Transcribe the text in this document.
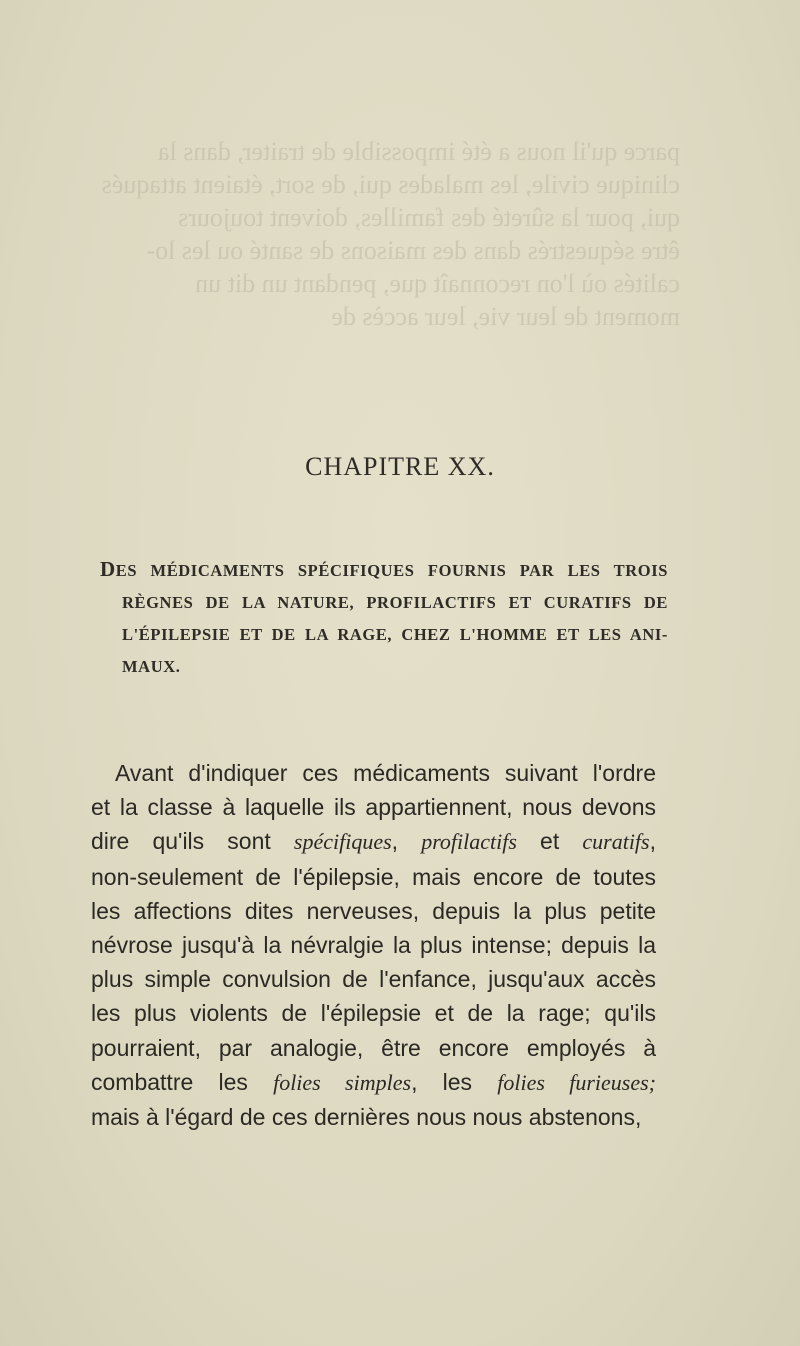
parce qu'il nous a été impossible de traiter, dans la
clinique civile, les malades qui, de sort, étaient attaqués
qui, pour la sûreté des familles, doivent toujours
être séquestrés dans des maisons de santé ou les lo-
calités où l'on reconnaît que, pendant un dit un
moment de leur vie, leur accès de
CHAPITRE XX.
DES MÉDICAMENTS SPÉCIFIQUES FOURNIS PAR LES TROIS
RÈGNES DE LA NATURE, PROFILACTIFS ET CURATIFS DE
L'ÉPILEPSIE ET DE LA RAGE, CHEZ L'HOMME ET LES ANI-
MAUX.
Avant d'indiquer ces médicaments suivant l'ordre
et la classe à laquelle ils appartiennent, nous devons
dire qu'ils sont spécifiques, profilactifs et curatifs,
non-seulement de l'épilepsie, mais encore de toutes
les affections dites nerveuses, depuis la plus petite
névrose jusqu'à la névralgie la plus intense; depuis la
plus simple convulsion de l'enfance, jusqu'aux accès
les plus violents de l'épilepsie et de la rage; qu'ils
pourraient, par analogie, être encore employés à
combattre les folies simples, les folies furieuses;
mais à l'égard de ces dernières nous nous abstenons,
